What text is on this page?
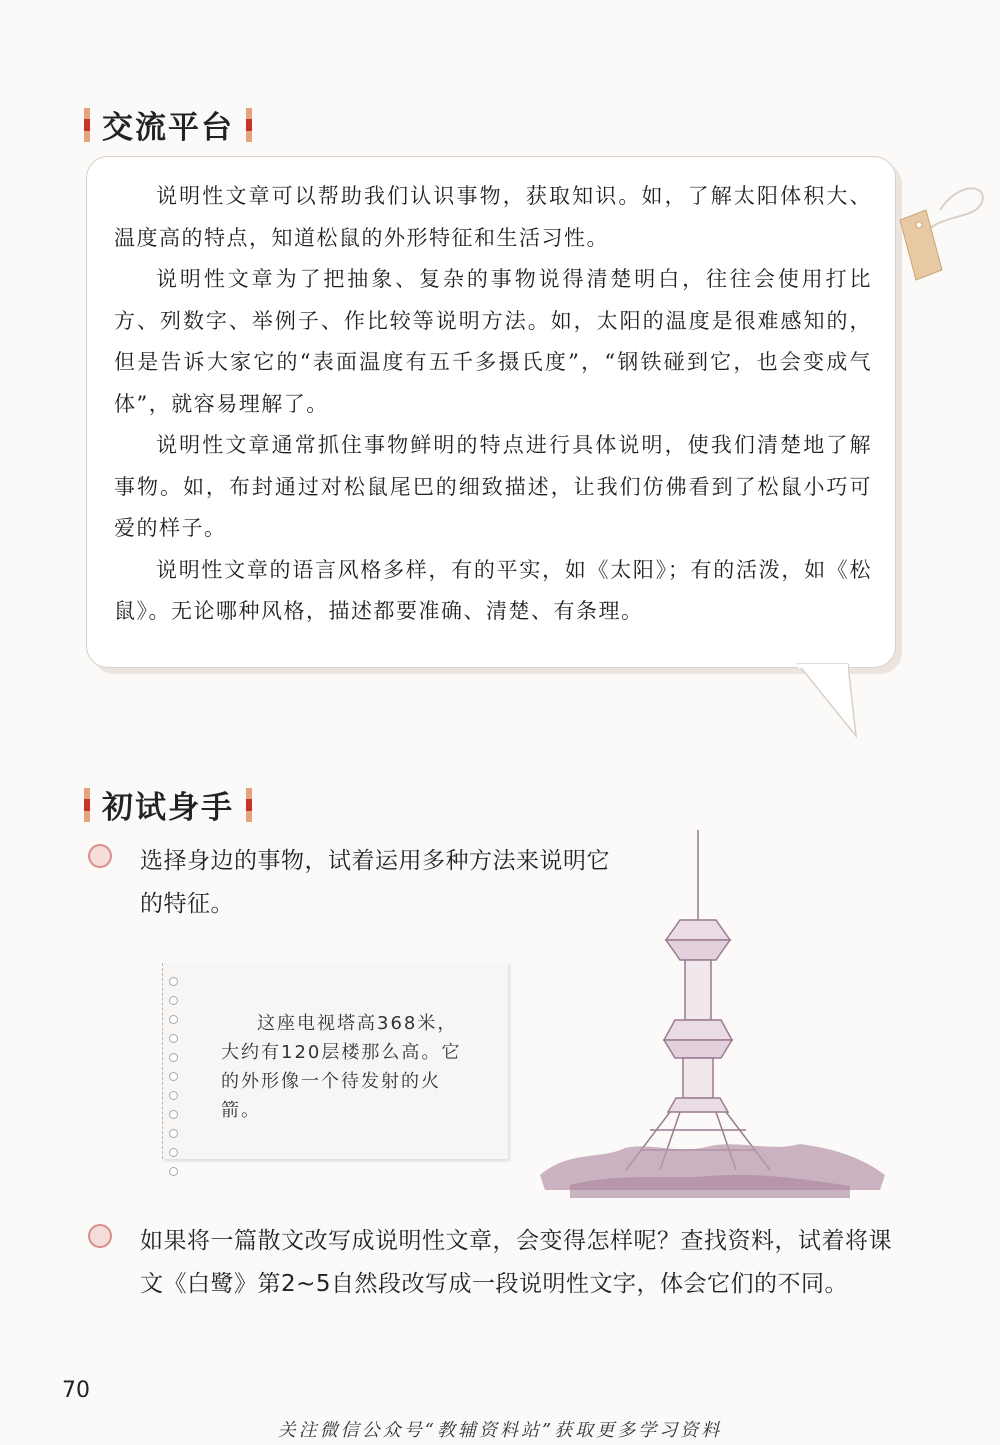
交流平台

说明性文章可以帮助我们认识事物，获取知识。如，了解太阳体积大、温度高的特点，知道松鼠的外形特征和生活习性。

说明性文章为了把抽象、复杂的事物说得清楚明白，往往会使用打比方、列数字、举例子、作比较等说明方法。如，太阳的温度是很难感知的，但是告诉大家它的“表面温度有五千多摄氏度”，“钢铁碰到它，也会变成气体”，就容易理解了。

说明性文章通常抓住事物鲜明的特点进行具体说明，使我们清楚地了解事物。如，布封通过对松鼠尾巴的细致描述，让我们仿佛看到了松鼠小巧可爱的样子。

说明性文章的语言风格多样，有的平实，如《太阳》；有的活泼，如《松鼠》。无论哪种风格，描述都要准确、清楚、有条理。

初试身手
选择身边的事物，试着运用多种方法来说明它的特征。

这座电视塔高368米，大约有120层楼那么高。它的外形像一个待发射的火箭。

如果将一篇散文改写成说明性文章，会变得怎样呢？查找资料，试着将课文《白鹭》第2~5自然段改写成一段说明性文字，体会它们的不同。
70
关注微信公众号“教辅资料站”获取更多学习资料
